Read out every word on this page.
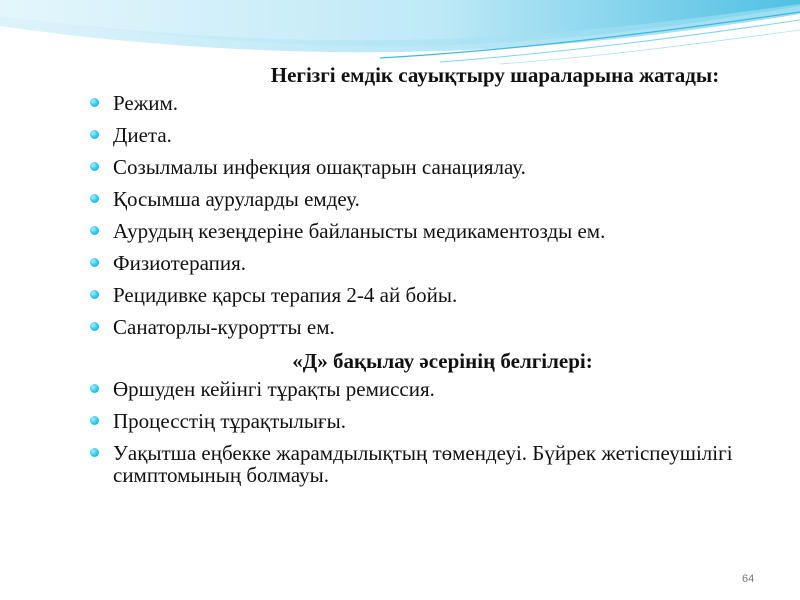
Негізгі емдік сауықтыру шараларына жатады:
Режим.
Диета.
Созылмалы инфекция ошақтарын санациялау.
Қосымша ауруларды емдеу.
Аурудың кезеңдеріне байланысты медикаментозды ем.
Физиотерапия.
Рецидивке қарсы терапия 2-4 ай бойы.
Санаторлы-курортты ем.
«Д» бақылау әсерінің белгілері:
Өршуден кейінгі тұрақты ремиссия.
Процесстің тұрақтылығы.
Уақытша еңбекке жарамдылықтың төмендеуі. Бүйрек жетіспеушілігі симптомының болмауы.
64
